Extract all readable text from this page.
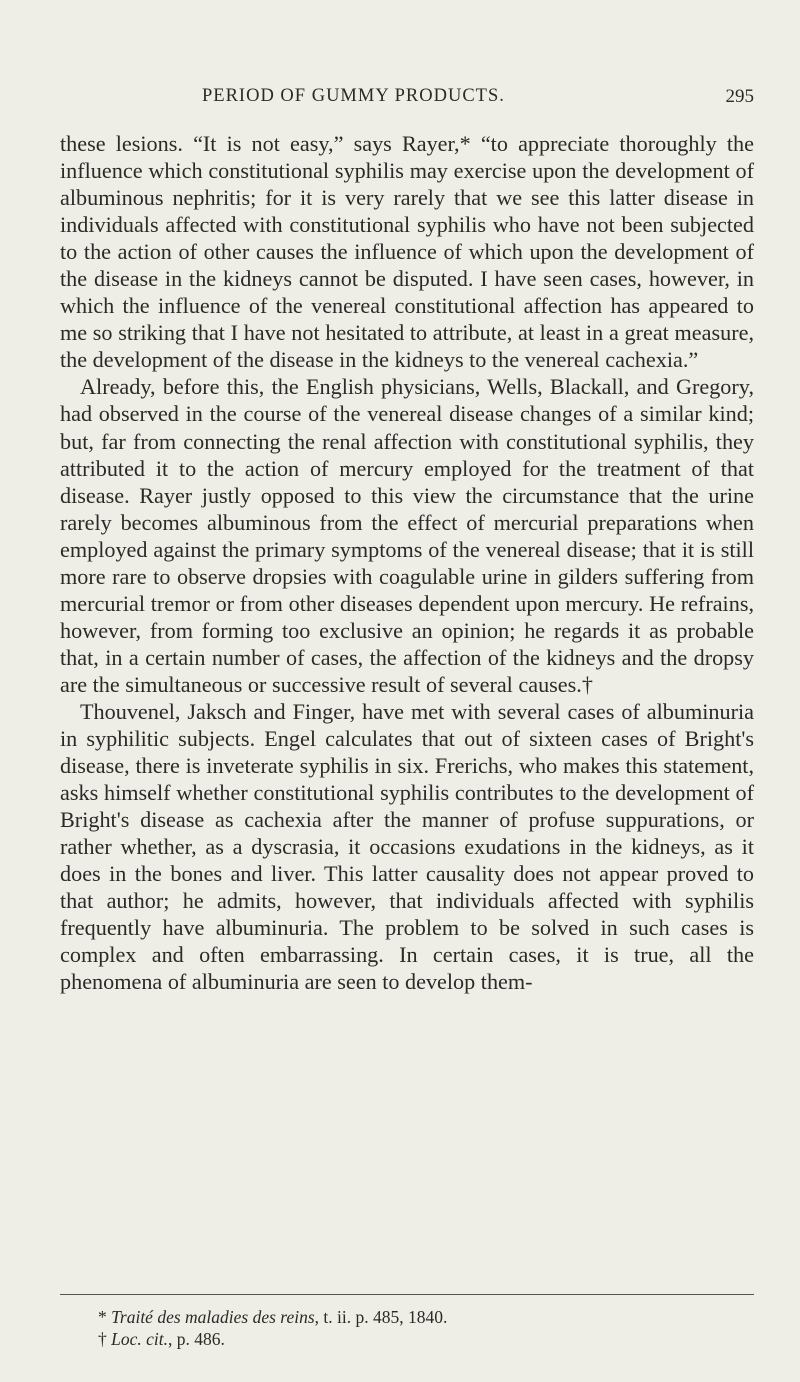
PERIOD OF GUMMY PRODUCTS.	295

these lesions. “It is not easy,” says Rayer,* “to appreciate thoroughly the influence which constitutional syphilis may exercise upon the development of albuminous nephritis; for it is very rarely that we see this latter disease in individuals affected with constitutional syphilis who have not been subjected to the action of other causes the influence of which upon the development of the disease in the kidneys cannot be disputed. I have seen cases, however, in which the influence of the venereal constitutional affection has appeared to me so striking that I have not hesitated to attribute, at least in a great measure, the development of the disease in the kidneys to the venereal cachexia.”

Already, before this, the English physicians, Wells, Blackall, and Gregory, had observed in the course of the venereal disease changes of a similar kind; but, far from connecting the renal affection with constitutional syphilis, they attributed it to the action of mercury employed for the treatment of that disease. Rayer justly opposed to this view the circumstance that the urine rarely becomes albuminous from the effect of mercurial preparations when employed against the primary symptoms of the venereal disease; that it is still more rare to observe dropsies with coagulable urine in gilders suffering from mercurial tremor or from other diseases dependent upon mercury. He refrains, however, from forming too exclusive an opinion; he regards it as probable that, in a certain number of cases, the affection of the kidneys and the dropsy are the simultaneous or successive result of several causes.†

Thouvenel, Jaksch and Finger, have met with several cases of albuminuria in syphilitic subjects. Engel calculates that out of sixteen cases of Bright's disease, there is inveterate syphilis in six. Frerichs, who makes this statement, asks himself whether constitutional syphilis contributes to the development of Bright's disease as cachexia after the manner of profuse suppurations, or rather whether, as a dyscrasia, it occasions exudations in the kidneys, as it does in the bones and liver. This latter causality does not appear proved to that author; he admits, however, that individuals affected with syphilis frequently have albuminuria. The problem to be solved in such cases is complex and often embarrassing. In certain cases, it is true, all the phenomena of albuminuria are seen to develop them-

* Traité des maladies des reins, t. ii. p. 485, 1840.

† Loc. cit., p. 486.
